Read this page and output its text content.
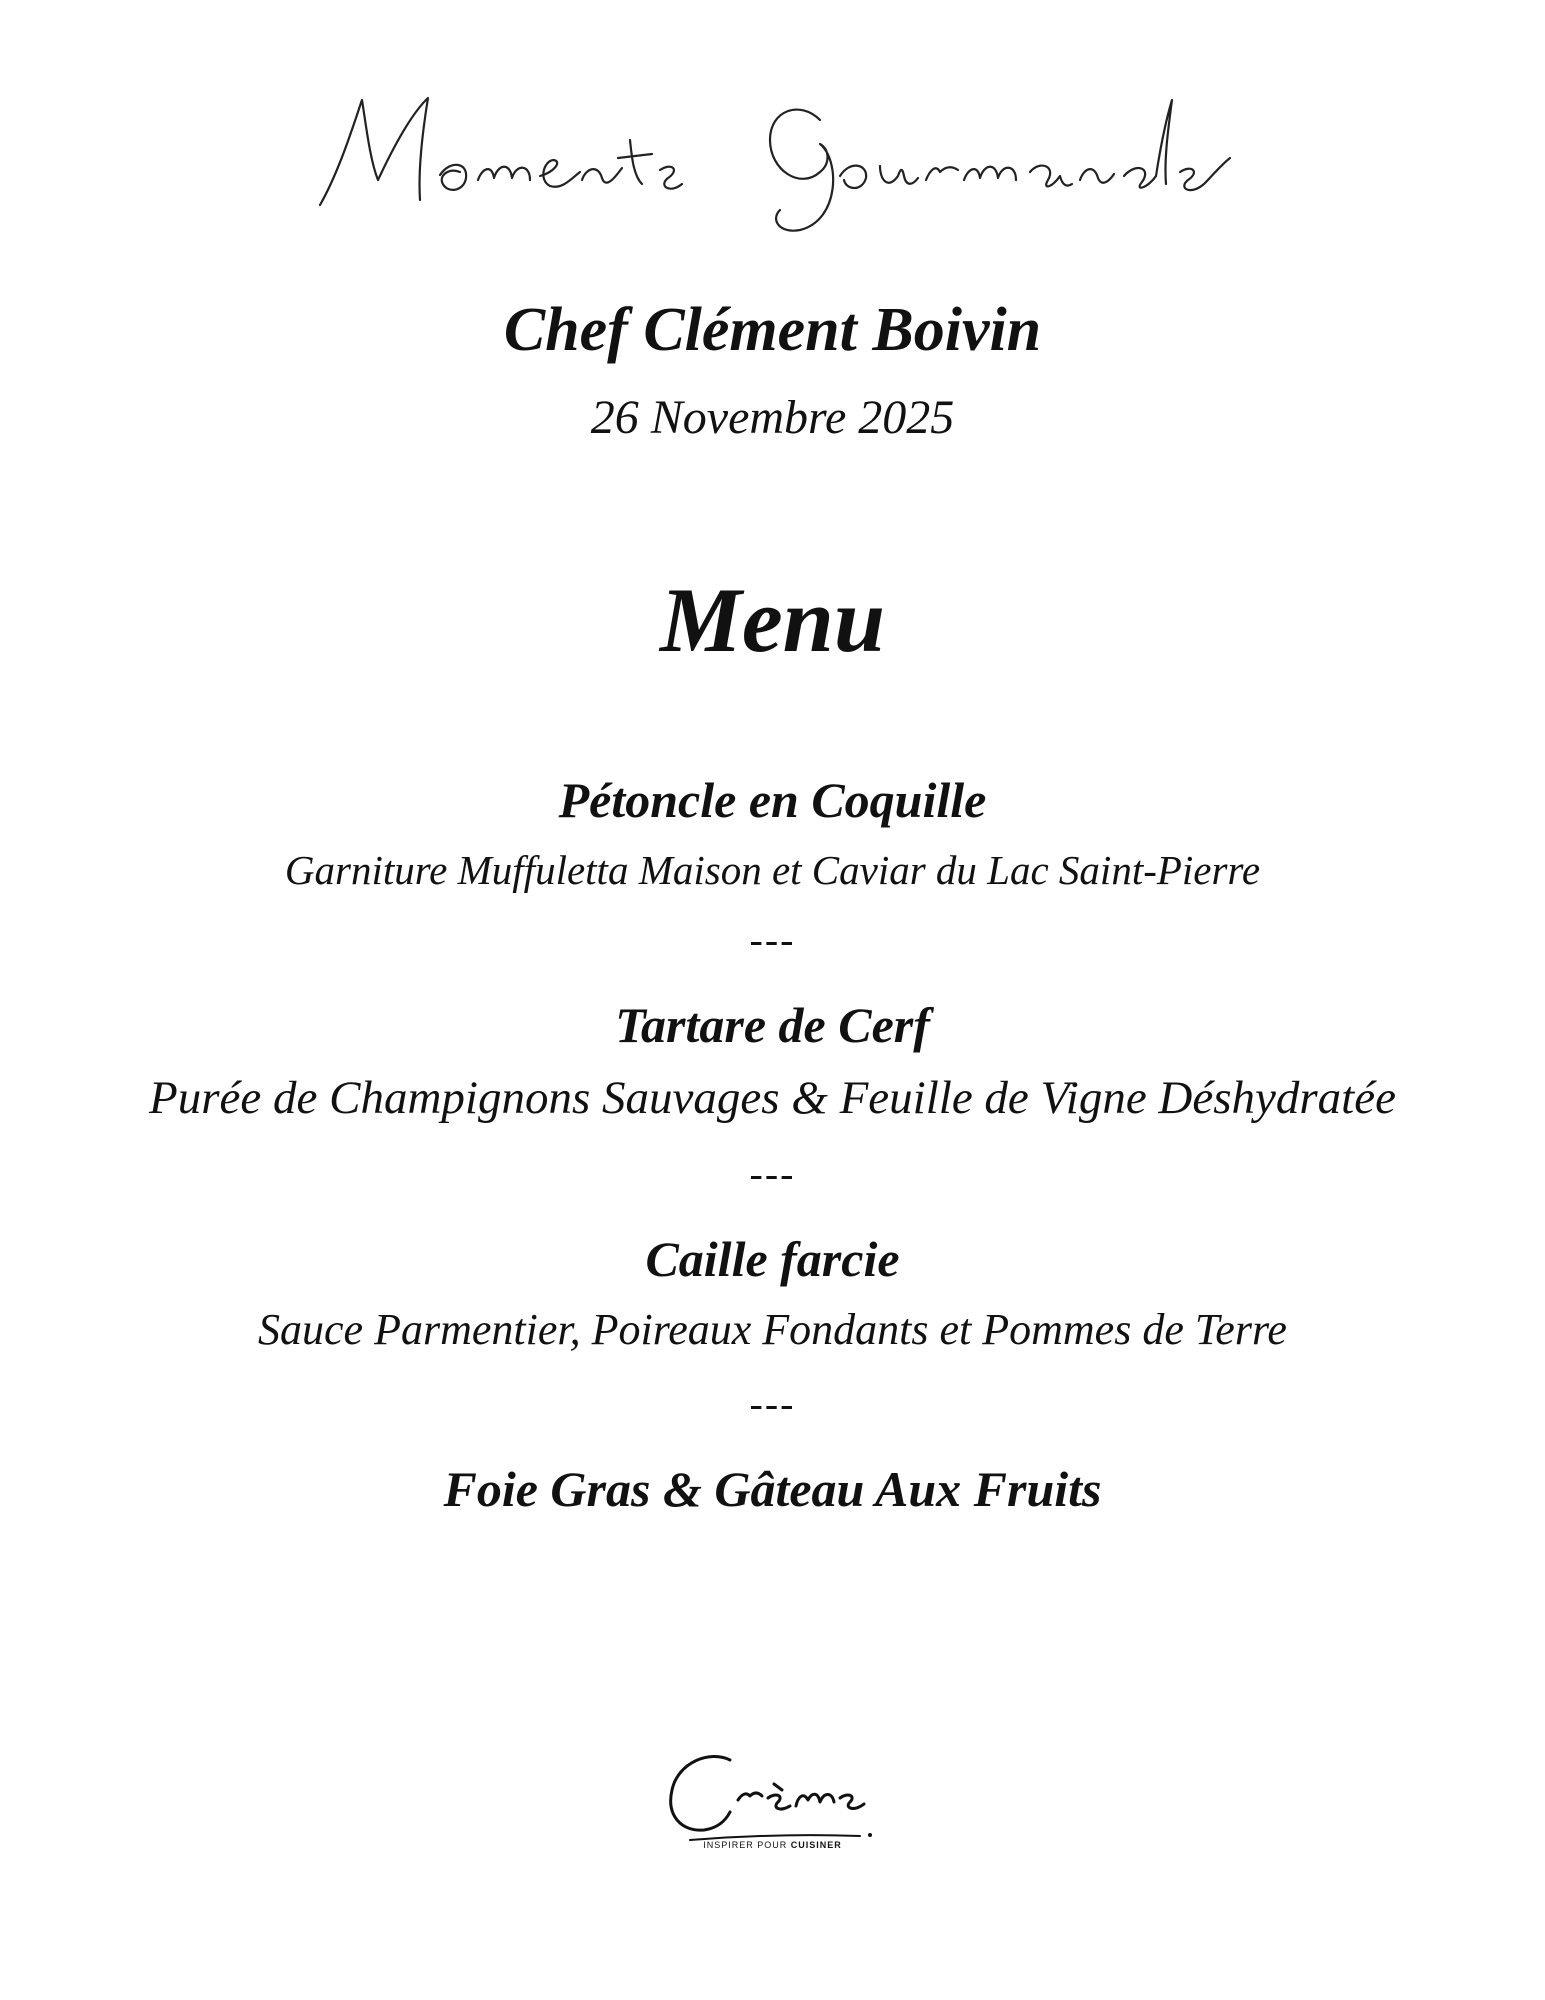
Chef Clément Boivin
26 Novembre 2025
Menu
Pétoncle en Coquille
Garniture Muffuletta Maison et Caviar du Lac Saint-Pierre
---
Tartare de Cerf
Purée de Champignons Sauvages & Feuille de Vigne Déshydratée
---
Caille farcie
Sauce Parmentier, Poireaux Fondants et Pommes de Terre
---
Foie Gras & Gâteau Aux Fruits
INSPIRER POUR CUISINER
